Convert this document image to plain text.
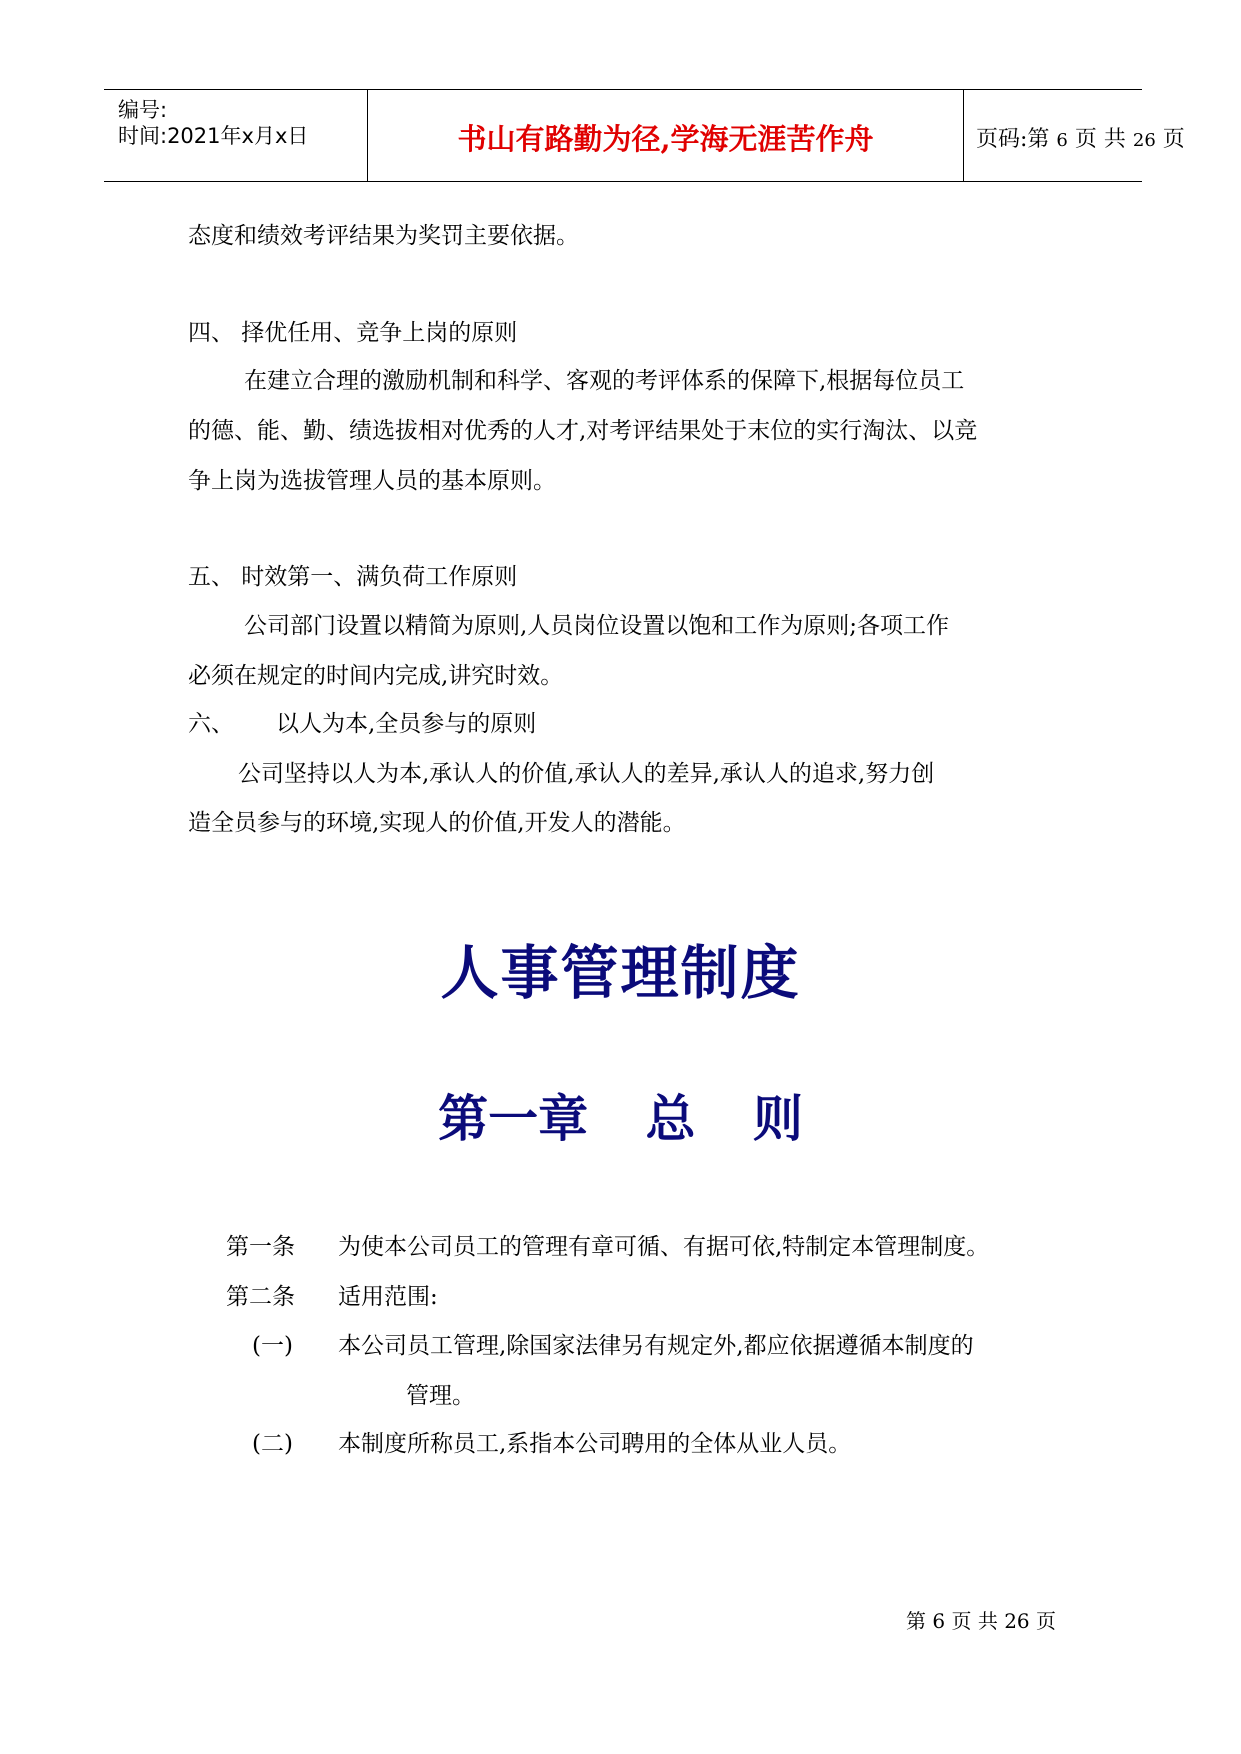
编号:
时间:2021年x月x日	书山有路勤为径,学海无涯苦作舟	页码:第 6 页 共 26 页
态度和绩效考评结果为奖罚主要依据。
四、 择优任用、竞争上岗的原则
在建立合理的激励机制和科学、客观的考评体系的保障下,根据每位员工
的德、能、勤、绩选拔相对优秀的人才,对考评结果处于末位的实行淘汰、以竞
争上岗为选拔管理人员的基本原则。
五、 时效第一、满负荷工作原则
公司部门设置以精简为原则,人员岗位设置以饱和工作为原则;各项工作
必须在规定的时间内完成,讲究时效。
六、 以人为本,全员参与的原则
公司坚持以人为本,承认人的价值,承认人的差异,承认人的追求,努力创
造全员参与的环境,实现人的价值,开发人的潜能。
人事管理制度
第一章 总 则
第一条 为使本公司员工的管理有章可循、有据可依,特制定本管理制度。
第二条 适用范围:
(一) 本公司员工管理,除国家法律另有规定外,都应依据遵循本制度的
管理。
(二) 本制度所称员工,系指本公司聘用的全体从业人员。
第 6 页 共 26 页
